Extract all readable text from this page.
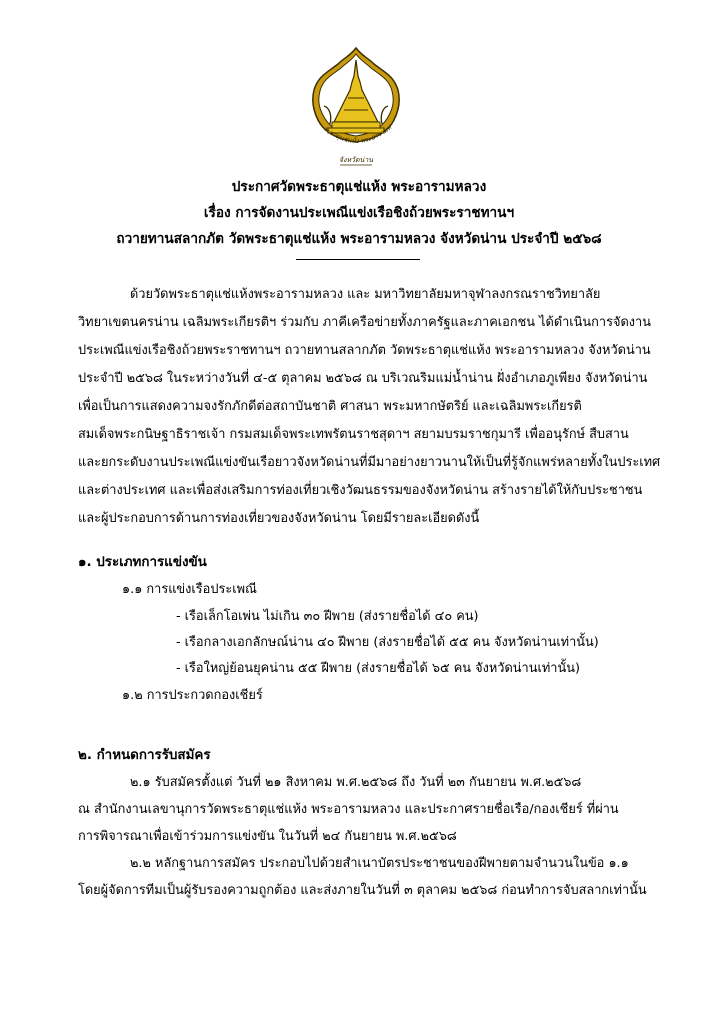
ระธาตุแช่แห้ง พระอารามห
จังหวัดน่าน
ประกาศวัดพระธาตุแช่แห้ง พระอารามหลวง
เรื่อง การจัดงานประเพณีแข่งเรือชิงถ้วยพระราชทานฯ
ถวายทานสลากภัต วัดพระธาตุแช่แห้ง พระอารามหลวง จังหวัดน่าน ประจำปี ๒๕๖๘
ด้วยวัดพระธาตุแช่แห้งพระอารามหลวง และ มหาวิทยาลัยมหาจุฬาลงกรณราชวิทยาลัย
วิทยาเขตนครน่าน เฉลิมพระเกียรติฯ ร่วมกับ ภาคีเครือข่ายทั้งภาครัฐและภาคเอกชน ได้ดำเนินการจัดงาน
ประเพณีแข่งเรือชิงถ้วยพระราชทานฯ ถวายทานสลากภัต วัดพระธาตุแช่แห้ง พระอารามหลวง จังหวัดน่าน
ประจำปี ๒๕๖๘ ในระหว่างวันที่ ๔-๕ ตุลาคม ๒๕๖๘ ณ บริเวณริมแม่น้ำน่าน ฝั่งอำเภอภูเพียง จังหวัดน่าน
เพื่อเป็นการแสดงความจงรักภักดีต่อสถาบันชาติ ศาสนา พระมหากษัตริย์ และเฉลิมพระเกียรติ
สมเด็จพระกนิษฐาธิราชเจ้า กรมสมเด็จพระเทพรัตนราชสุดาฯ สยามบรมราชกุมารี เพื่ออนุรักษ์ สืบสาน
และยกระดับงานประเพณีแข่งขันเรือยาวจังหวัดน่านที่มีมาอย่างยาวนานให้เป็นที่รู้จักแพร่หลายทั้งในประเทศ
และต่างประเทศ และเพื่อส่งเสริมการท่องเที่ยวเชิงวัฒนธรรมของจังหวัดน่าน สร้างรายได้ให้กับประชาชน
และผู้ประกอบการด้านการท่องเที่ยวของจังหวัดน่าน โดยมีรายละเอียดดังนี้
๑. ประเภทการแข่งขัน
๑.๑ การแข่งเรือประเพณี
- เรือเล็กโอเพ่น ไม่เกิน ๓๐ ฝีพาย (ส่งรายชื่อได้ ๔๐ คน)
- เรือกลางเอกลักษณ์น่าน ๔๐ ฝีพาย (ส่งรายชื่อได้ ๕๕ คน จังหวัดน่านเท่านั้น)
- เรือใหญ่ย้อนยุคน่าน ๕๕ ฝีพาย (ส่งรายชื่อได้ ๖๕ คน จังหวัดน่านเท่านั้น)
๑.๒ การประกวดกองเชียร์
๒. กำหนดการรับสมัคร
๒.๑ รับสมัครตั้งแต่ วันที่ ๒๑ สิงหาคม พ.ศ.๒๕๖๘ ถึง วันที่ ๒๓ กันยายน พ.ศ.๒๕๖๘
ณ สำนักงานเลขานุการวัดพระธาตุแช่แห้ง พระอารามหลวง และประกาศรายชื่อเรือ/กองเชียร์ ที่ผ่าน
การพิจารณาเพื่อเข้าร่วมการแข่งขัน ในวันที่ ๒๔ กันยายน พ.ศ.๒๕๖๘
๒.๒ หลักฐานการสมัคร ประกอบไปด้วยสำเนาบัตรประชาชนของฝีพายตามจำนวนในข้อ ๑.๑
โดยผู้จัดการทีมเป็นผู้รับรองความถูกต้อง และส่งภายในวันที่ ๓ ตุลาคม ๒๕๖๘ ก่อนทำการจับสลากเท่านั้น
